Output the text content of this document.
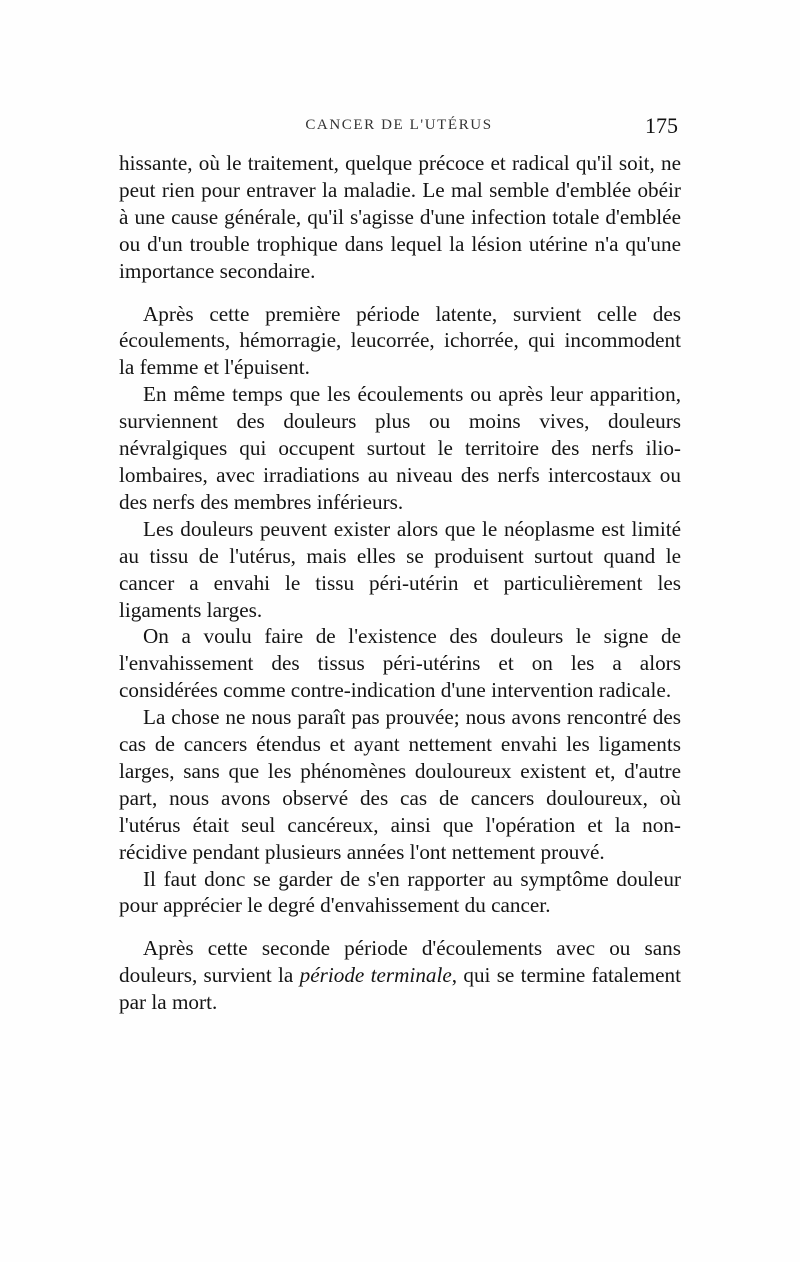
CANCER DE L'UTÉRUS	175

hissante, où le traitement, quelque précoce et radical qu'il soit, ne peut rien pour entraver la maladie. Le mal semble d'emblée obéir à une cause générale, qu'il s'agisse d'une infection totale d'emblée ou d'un trouble trophique dans lequel la lésion utérine n'a qu'une importance secondaire.

Après cette première période latente, survient celle des écoulements, hémorragie, leucorrée, ichorrée, qui incommodent la femme et l'épuisent.

En même temps que les écoulements ou après leur apparition, surviennent des douleurs plus ou moins vives, douleurs névralgiques qui occupent surtout le territoire des nerfs ilio-lombaires, avec irradiations au niveau des nerfs intercostaux ou des nerfs des membres inférieurs.

Les douleurs peuvent exister alors que le néoplasme est limité au tissu de l'utérus, mais elles se produisent surtout quand le cancer a envahi le tissu péri-utérin et particulièrement les ligaments larges.

On a voulu faire de l'existence des douleurs le signe de l'envahissement des tissus péri-utérins et on les a alors considérées comme contre-indication d'une intervention radicale.

La chose ne nous paraît pas prouvée; nous avons rencontré des cas de cancers étendus et ayant nettement envahi les ligaments larges, sans que les phénomènes douloureux existent et, d'autre part, nous avons observé des cas de cancers douloureux, où l'utérus était seul cancéreux, ainsi que l'opération et la non-récidive pendant plusieurs années l'ont nettement prouvé.

Il faut donc se garder de s'en rapporter au symptôme douleur pour apprécier le degré d'envahissement du cancer.

Après cette seconde période d'écoulements avec ou sans douleurs, survient la période terminale, qui se termine fatalement par la mort.
